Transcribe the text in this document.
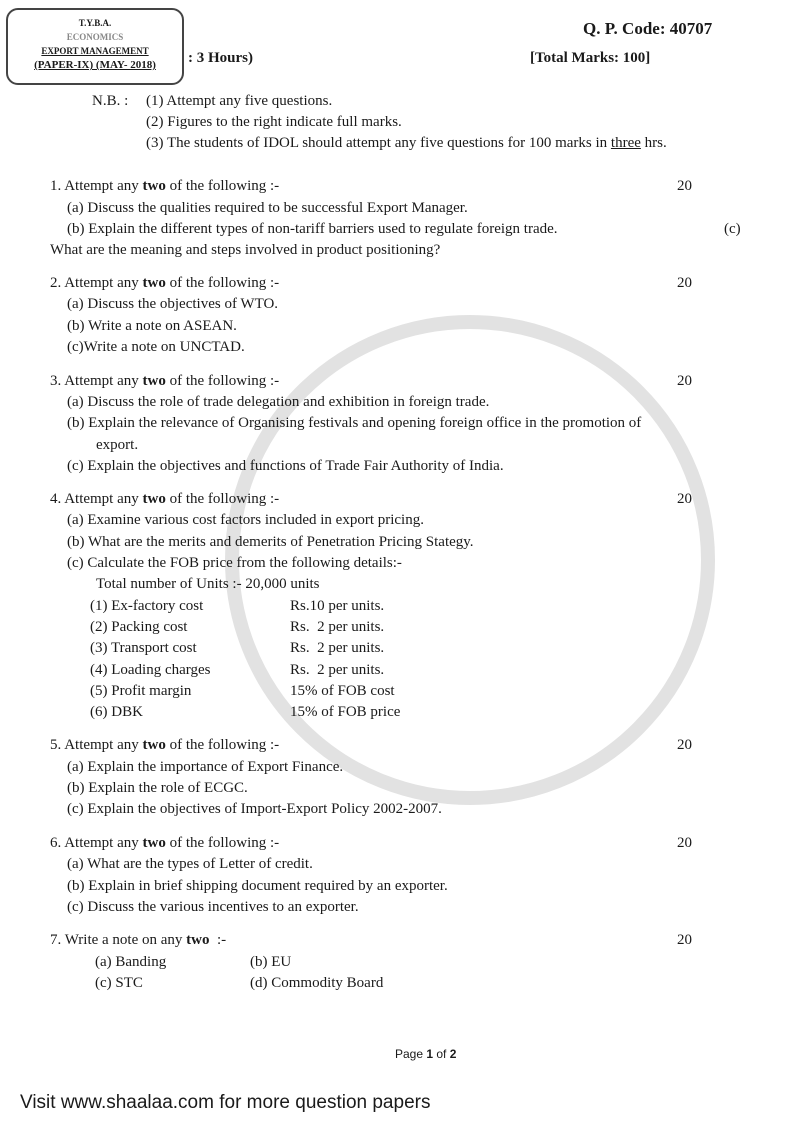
T.Y.B.A.
ECONOMICS
EXPORT MANAGEMENT
(PAPER-IX) (MAY- 2018)
Q. P. Code: 40707
: 3 Hours)	[Total Marks: 100]
N.B. : (1) Attempt any five questions.
(2) Figures to the right indicate full marks.
(3) The students of IDOL should attempt any five questions for 100 marks in three hrs.
1. Attempt any two of the following :-	20
(a) Discuss the qualities required to be successful Export Manager.
(b) Explain the different types of non-tariff barriers used to regulate foreign trade.	(c)
What are the meaning and steps involved in product positioning?
2. Attempt any two of the following :-	20
(a) Discuss the objectives of WTO.
(b) Write a note on ASEAN.
(c)Write a note on UNCTAD.
3. Attempt any two of the following :-	20
(a) Discuss the role of trade delegation and exhibition in foreign trade.
(b) Explain the relevance of Organising festivals and opening foreign office in the promotion of
export.
(c) Explain the objectives and functions of Trade Fair Authority of India.
4. Attempt any two of the following :-	20
(a) Examine various cost factors included in export pricing.
(b) What are the merits and demerits of Penetration Pricing Stategy.
(c) Calculate the FOB price from the following details:-
Total number of Units :- 20,000 units
(1) Ex-factory cost	Rs.10 per units.
(2) Packing cost	Rs.  2 per units.
(3) Transport cost	Rs.  2 per units.
(4) Loading charges	Rs.  2 per units.
(5) Profit margin	15% of FOB cost
(6) DBK	15% of FOB price
5. Attempt any two of the following :-	20
(a) Explain the importance of Export Finance.
(b) Explain the role of ECGC.
(c) Explain the objectives of Import-Export Policy 2002-2007.
6. Attempt any two of the following :-	20
(a) What are the types of Letter of credit.
(b) Explain in brief shipping document required by an exporter.
(c) Discuss the various incentives to an exporter.
7. Write a note on any two  :-	20
(a) Banding	(b) EU
(c) STC	(d) Commodity Board
Page 1 of 2
Visit www.shaalaa.com for more question papers
